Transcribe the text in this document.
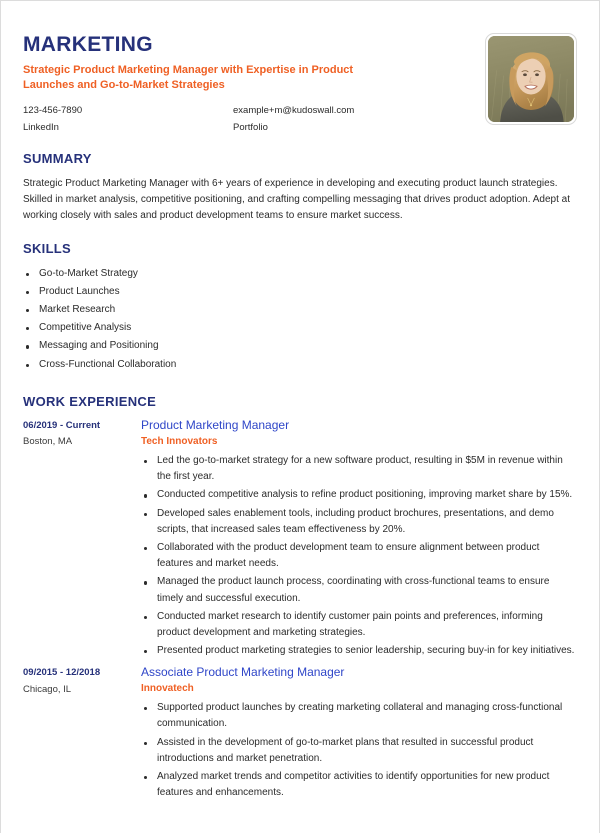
MARKETING
Strategic Product Marketing Manager with Expertise in Product Launches and Go-to-Market Strategies
123-456-7890	example+m@kudoswall.com
LinkedIn	Portfolio
SUMMARY

Strategic Product Marketing Manager with 6+ years of experience in developing and executing product launch strategies. Skilled in market analysis, competitive positioning, and crafting compelling messaging that drives product adoption. Adept at working closely with sales and product development teams to ensure market success.

SKILLS
Go-to-Market Strategy
Product Launches
Market Research
Competitive Analysis
Messaging and Positioning
Cross-Functional Collaboration
WORK EXPERIENCE
06/2019 - Current
Boston, MA
Product Marketing Manager
Tech Innovators
Led the go-to-market strategy for a new software product, resulting in $5M in revenue within the first year.
Conducted competitive analysis to refine product positioning, improving market share by 15%.
Developed sales enablement tools, including product brochures, presentations, and demo scripts, that increased sales team effectiveness by 20%.
Collaborated with the product development team to ensure alignment between product features and market needs.
Managed the product launch process, coordinating with cross-functional teams to ensure timely and successful execution.
Conducted market research to identify customer pain points and preferences, informing product development and marketing strategies.
Presented product marketing strategies to senior leadership, securing buy-in for key initiatives.
09/2015 - 12/2018
Chicago, IL
Associate Product Marketing Manager
Innovatech
Supported product launches by creating marketing collateral and managing cross-functional communication.
Assisted in the development of go-to-market plans that resulted in successful product introductions and market penetration.
Analyzed market trends and competitor activities to identify opportunities for new product features and enhancements.
